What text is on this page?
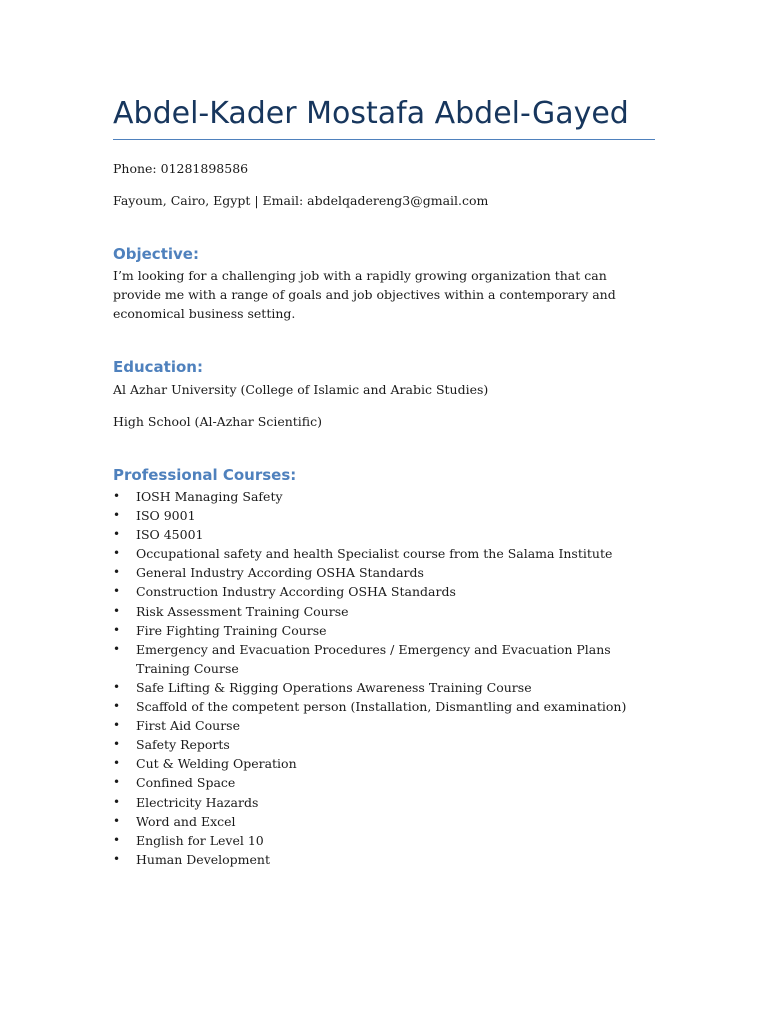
Abdel-Kader Mostafa Abdel-Gayed
Phone: 01281898586
Fayoum, Cairo, Egypt | Email: abdelqadereng3@gmail.com
Objective:
I’m looking for a challenging job with a rapidly growing organization that can provide me with a range of goals and job objectives within a contemporary and economical business setting.
Education:
Al Azhar University (College of Islamic and Arabic Studies)
High School (Al-Azhar Scientific)
Professional Courses:
• IOSH Managing Safety
• ISO 9001
• ISO 45001
• Occupational safety and health Specialist course from the Salama Institute
• General Industry According OSHA Standards
• Construction Industry According OSHA Standards
• Risk Assessment Training Course
• Fire Fighting Training Course
• Emergency and Evacuation Procedures / Emergency and Evacuation Plans Training Course
• Safe Lifting & Rigging Operations Awareness Training Course
• Scaffold of the competent person (Installation, Dismantling and examination)
• First Aid Course
• Safety Reports
• Cut & Welding Operation
• Confined Space
• Electricity Hazards
• Word and Excel
• English for Level 10
• Human Development
